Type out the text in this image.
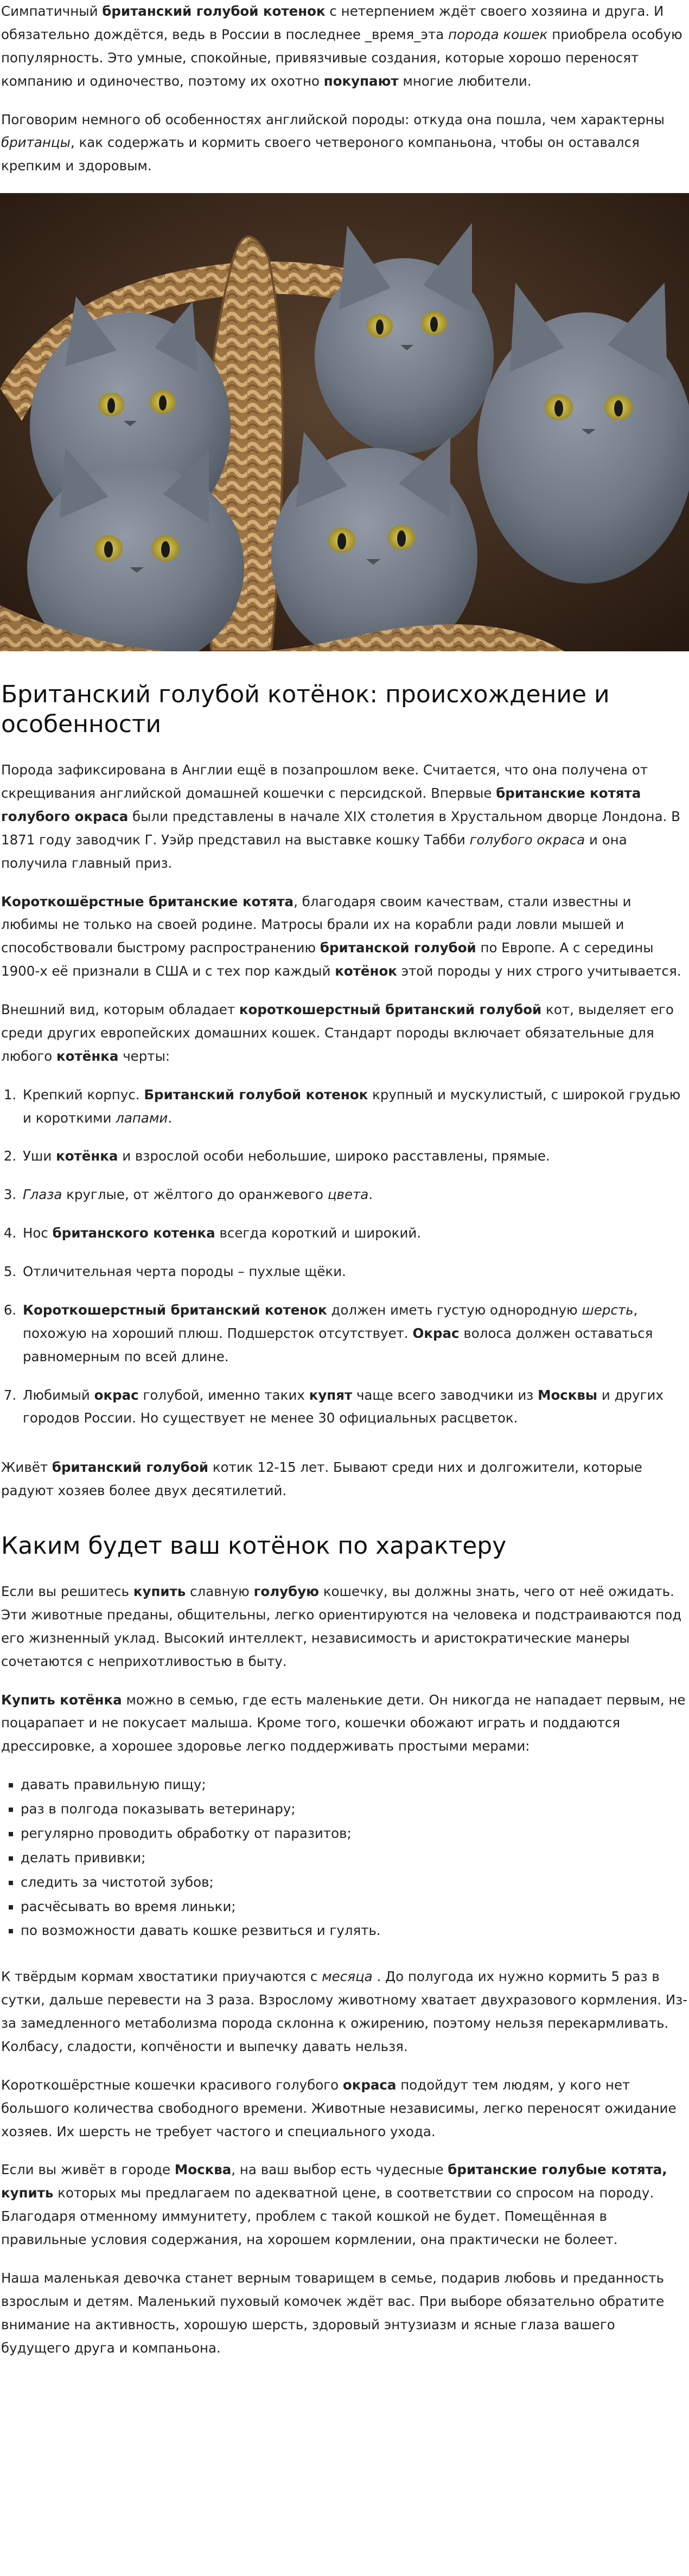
Симпатичный британский голубой котенок с нетерпением ждёт своего хозяина и друга. И обязательно дождётся, ведь в России в последнее _время_эта порода кошек приобрела особую популярность. Это умные, спокойные, привязчивые создания, которые хорошо переносят компанию и одиночество, поэтому их охотно покупают многие любители.

Поговорим немного об особенностях английской породы: откуда она пошла, чем характерны британцы, как содержать и кормить своего четвероного компаньона, чтобы он оставался крепким и здоровым.

Британский голубой котёнок: происхождение и особенности

Порода зафиксирована в Англии ещё в позапрошлом веке. Считается, что она получена от скрещивания английской домашней кошечки с персидской. Впервые британские котята голубого окраса были представлены в начале XIX столетия в Хрустальном дворце Лондона. В 1871 году заводчик Г. Уэйр представил на выставке кошку Табби голубого окраса и она получила главный приз.

Короткошёрстные британские котята, благодаря своим качествам, стали известны и любимы не только на своей родине. Матросы брали их на корабли ради ловли мышей и способствовали быстрому распространению британской голубой по Европе. А с середины 1900-х её признали в США и с тех пор каждый котёнок этой породы у них строго учитывается.

Внешний вид, которым обладает короткошерстный британский голубой кот, выделяет его среди других европейских домашних кошек. Стандарт породы включает обязательные для любого котёнка черты:

1. Крепкий корпус. Британский голубой котенок крупный и мускулистый, с широкой грудью и короткими лапами.
2. Уши котёнка и взрослой особи небольшие, широко расставлены, прямые.
3. Глаза круглые, от жёлтого до оранжевого цвета.
4. Нос британского котенка всегда короткий и широкий.
5. Отличительная черта породы – пухлые щёки.
6. Короткошерстный британский котенок должен иметь густую однородную шерсть, похожую на хороший плюш. Подшерсток отсутствует. Окрас волоса должен оставаться равномерным по всей длине.
7. Любимый окрас голубой, именно таких купят чаще всего заводчики из Москвы и других городов России. Но существует не менее 30 официальных расцветок.

Живёт британский голубой котик 12-15 лет. Бывают среди них и долгожители, которые радуют хозяев более двух десятилетий.

Каким будет ваш котёнок по характеру

Если вы решитесь купить славную голубую кошечку, вы должны знать, чего от неё ожидать. Эти животные преданы, общительны, легко ориентируются на человека и подстраиваются под его жизненный уклад. Высокий интеллект, независимость и аристократические манеры сочетаются с неприхотливостью в быту.

Купить котёнка можно в семью, где есть маленькие дети. Он никогда не нападает первым, не поцарапает и не покусает малыша. Кроме того, кошечки обожают играть и поддаются дрессировке, а хорошее здоровье легко поддерживать простыми мерами:

▪ давать правильную пищу;
▪ раз в полгода показывать ветеринару;
▪ регулярно проводить обработку от паразитов;
▪ делать прививки;
▪ следить за чистотой зубов;
▪ расчёсывать во время линьки;
▪ по возможности давать кошке резвиться и гулять.

К твёрдым кормам хвостатики приучаются с месяца . До полугода их нужно кормить 5 раз в сутки, дальше перевести на 3 раза. Взрослому животному хватает двухразового кормления. Из-за замедленного метаболизма порода склонна к ожирению, поэтому нельзя перекармливать. Колбасу, сладости, копчёности и выпечку давать нельзя.

Короткошёрстные кошечки красивого голубого окраса подойдут тем людям, у кого нет большого количества свободного времени. Животные независимы, легко переносят ожидание хозяев. Их шерсть не требует частого и специального ухода.

Если вы живёт в городе Москва, на ваш выбор есть чудесные британские голубые котята, купить которых мы предлагаем по адекватной цене, в соответствии со спросом на породу. Благодаря отменному иммунитету, проблем с такой кошкой не будет. Помещённая в правильные условия содержания, на хорошем кормлении, она практически не болеет.

Наша маленькая девочка станет верным товарищем в семье, подарив любовь и преданность взрослым и детям. Маленький пуховый комочек ждёт вас. При выборе обязательно обратите внимание на активность, хорошую шерсть, здоровый энтузиазм и ясные глаза вашего будущего друга и компаньона.
